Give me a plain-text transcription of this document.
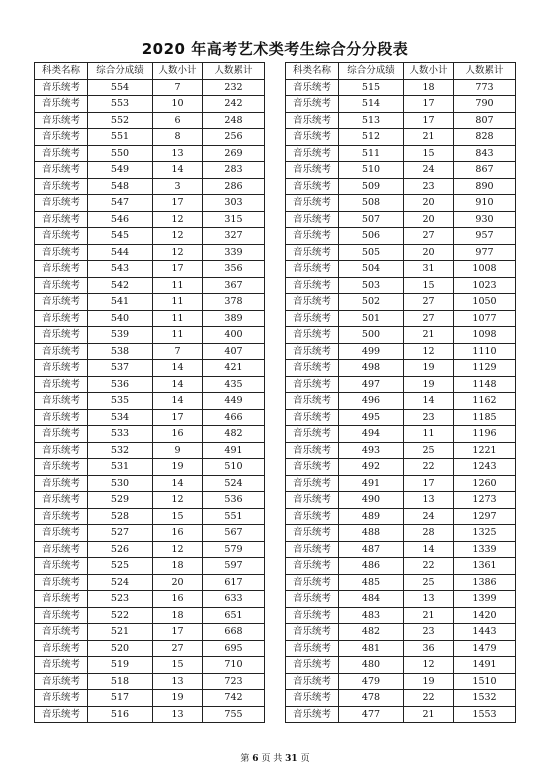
2020 年高考艺术类考生综合分分段表
科类名称	综合分成绩	人数小计	人数累计
音乐统考	554	7	232
音乐统考	553	10	242
音乐统考	552	6	248
音乐统考	551	8	256
音乐统考	550	13	269
音乐统考	549	14	283
音乐统考	548	3	286
音乐统考	547	17	303
音乐统考	546	12	315
音乐统考	545	12	327
音乐统考	544	12	339
音乐统考	543	17	356
音乐统考	542	11	367
音乐统考	541	11	378
音乐统考	540	11	389
音乐统考	539	11	400
音乐统考	538	7	407
音乐统考	537	14	421
音乐统考	536	14	435
音乐统考	535	14	449
音乐统考	534	17	466
音乐统考	533	16	482
音乐统考	532	9	491
音乐统考	531	19	510
音乐统考	530	14	524
音乐统考	529	12	536
音乐统考	528	15	551
音乐统考	527	16	567
音乐统考	526	12	579
音乐统考	525	18	597
音乐统考	524	20	617
音乐统考	523	16	633
音乐统考	522	18	651
音乐统考	521	17	668
音乐统考	520	27	695
音乐统考	519	15	710
音乐统考	518	13	723
音乐统考	517	19	742
音乐统考	516	13	755
科类名称	综合分成绩	人数小计	人数累计
音乐统考	515	18	773
音乐统考	514	17	790
音乐统考	513	17	807
音乐统考	512	21	828
音乐统考	511	15	843
音乐统考	510	24	867
音乐统考	509	23	890
音乐统考	508	20	910
音乐统考	507	20	930
音乐统考	506	27	957
音乐统考	505	20	977
音乐统考	504	31	1008
音乐统考	503	15	1023
音乐统考	502	27	1050
音乐统考	501	27	1077
音乐统考	500	21	1098
音乐统考	499	12	1110
音乐统考	498	19	1129
音乐统考	497	19	1148
音乐统考	496	14	1162
音乐统考	495	23	1185
音乐统考	494	11	1196
音乐统考	493	25	1221
音乐统考	492	22	1243
音乐统考	491	17	1260
音乐统考	490	13	1273
音乐统考	489	24	1297
音乐统考	488	28	1325
音乐统考	487	14	1339
音乐统考	486	22	1361
音乐统考	485	25	1386
音乐统考	484	13	1399
音乐统考	483	21	1420
音乐统考	482	23	1443
音乐统考	481	36	1479
音乐统考	480	12	1491
音乐统考	479	19	1510
音乐统考	478	22	1532
音乐统考	477	21	1553
第 6 页 共 31 页
